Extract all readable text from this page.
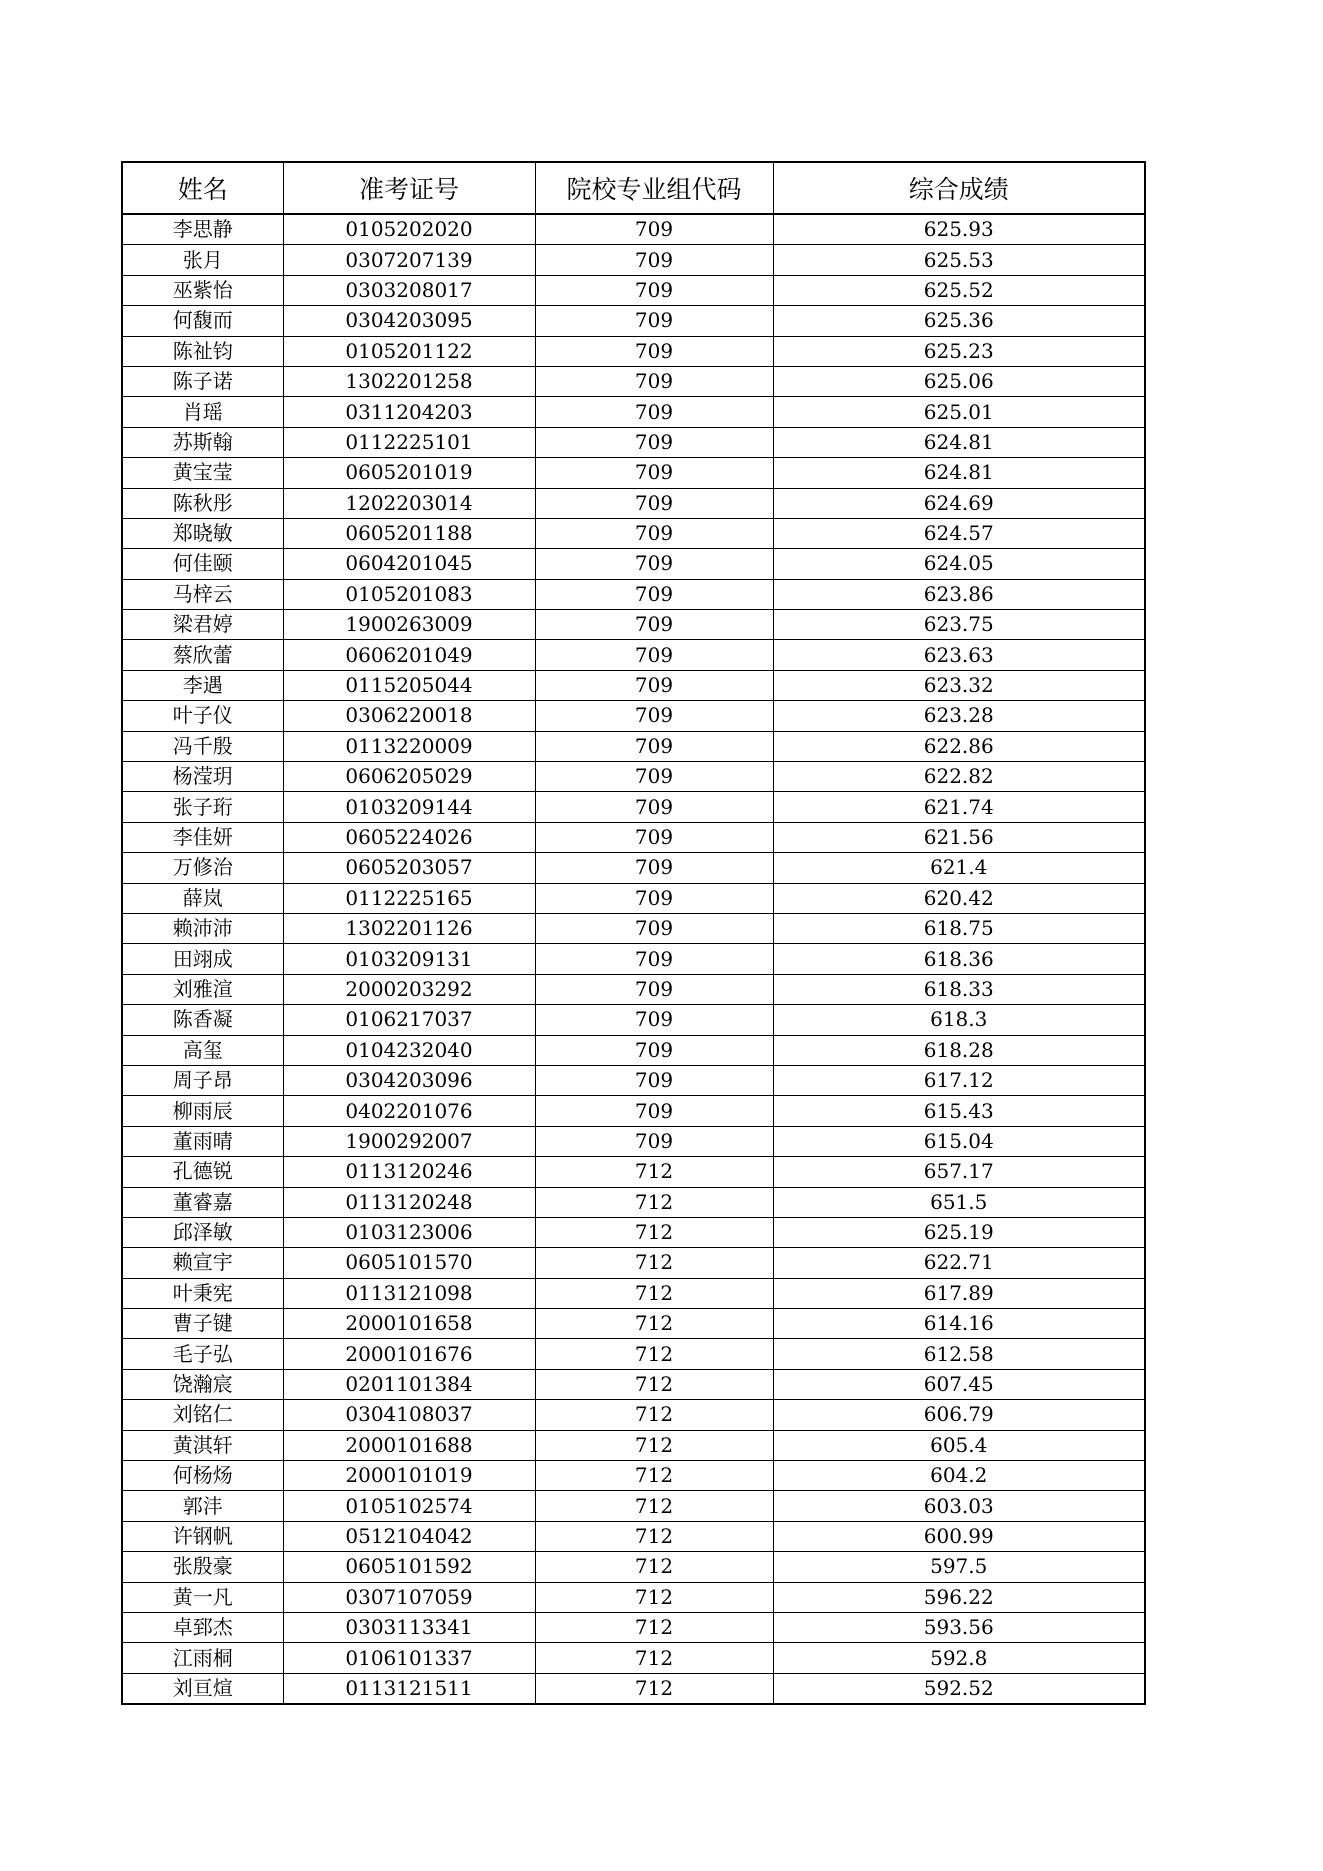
姓名	准考证号	院校专业组代码	综合成绩
李思静	0105202020	709	625.93
张月	0307207139	709	625.53
巫紫怡	0303208017	709	625.52
何馥而	0304203095	709	625.36
陈祉钧	0105201122	709	625.23
陈子诺	1302201258	709	625.06
肖瑶	0311204203	709	625.01
苏斯翰	0112225101	709	624.81
黄宝莹	0605201019	709	624.81
陈秋彤	1202203014	709	624.69
郑晓敏	0605201188	709	624.57
何佳颐	0604201045	709	624.05
马梓云	0105201083	709	623.86
梁君婷	1900263009	709	623.75
蔡欣蕾	0606201049	709	623.63
李遇	0115205044	709	623.32
叶子仪	0306220018	709	623.28
冯千殷	0113220009	709	622.86
杨滢玥	0606205029	709	622.82
张子珩	0103209144	709	621.74
李佳妍	0605224026	709	621.56
万修治	0605203057	709	621.4
薛岚	0112225165	709	620.42
赖沛沛	1302201126	709	618.75
田翊成	0103209131	709	618.36
刘雅渲	2000203292	709	618.33
陈香凝	0106217037	709	618.3
高玺	0104232040	709	618.28
周子昂	0304203096	709	617.12
柳雨辰	0402201076	709	615.43
董雨晴	1900292007	709	615.04
孔德锐	0113120246	712	657.17
董睿嘉	0113120248	712	651.5
邱泽敏	0103123006	712	625.19
赖宣宇	0605101570	712	622.71
叶秉宪	0113121098	712	617.89
曹子键	2000101658	712	614.16
毛子弘	2000101676	712	612.58
饶瀚宸	0201101384	712	607.45
刘铭仁	0304108037	712	606.79
黄淇轩	2000101688	712	605.4
何杨炀	2000101019	712	604.2
郭沣	0105102574	712	603.03
许钢帆	0512104042	712	600.99
张殷豪	0605101592	712	597.5
黄一凡	0307107059	712	596.22
卓郅杰	0303113341	712	593.56
江雨桐	0106101337	712	592.8
刘亘煊	0113121511	712	592.52
